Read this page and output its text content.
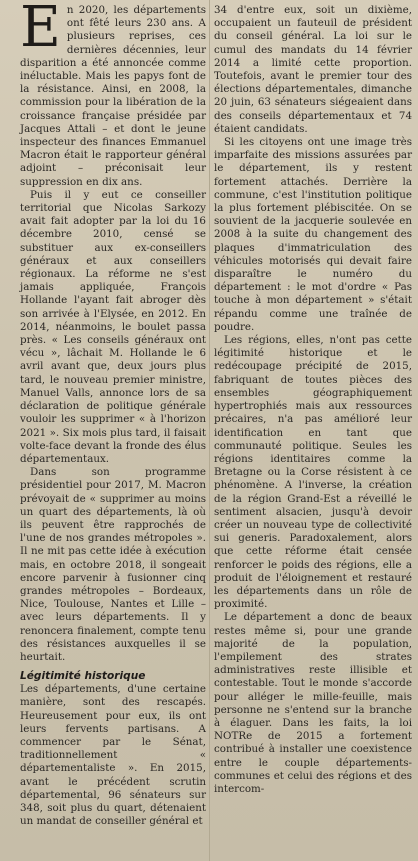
E n 2020, les départements ont fêté leurs 230 ans. A plusieurs reprises, ces dernières décennies, leur disparition a été annoncée comme inéluctable. Mais les papys font de la résistance. Ainsi, en 2008, la commission pour la libération de la croissance française présidée par Jacques Attali – et dont le jeune inspecteur des finances Emmanuel Macron était le rapporteur général adjoint – préconisait leur suppression en dix ans.

Puis il y eut ce conseiller territorial que Nicolas Sarkozy avait fait adopter par la loi du 16 décembre 2010, censé se substituer aux ex-conseillers généraux et aux conseillers régionaux. La réforme ne s'est jamais appliquée, François Hollande l'ayant fait abroger dès son arrivée à l'Elysée, en 2012. En 2014, néanmoins, le boulet passa près. « Les conseils généraux ont vécu », lâchait M. Hollande le 6 avril avant que, deux jours plus tard, le nouveau premier ministre, Manuel Valls, annonce lors de sa déclaration de politique générale vouloir les supprimer « à l'horizon 2021 ». Six mois plus tard, il faisait volte-face devant la fronde des élus départementaux.

Dans son programme présidentiel pour 2017, M. Macron prévoyait de « supprimer au moins un quart des départements, là où ils peuvent être rapprochés de l'une de nos grandes métropoles ». Il ne mit pas cette idée à exécution mais, en octobre 2018, il songeait encore parvenir à fusionner cinq grandes métropoles – Bordeaux, Nice, Toulouse, Nantes et Lille – avec leurs départements. Il y renoncera finalement, compte tenu des résistances auxquelles il se heurtait.

Légitimité historique

Les départements, d'une certaine manière, sont des rescapés. Heureusement pour eux, ils ont leurs fervents partisans. A commencer par le Sénat, traditionnellement « départementaliste ». En 2015, avant le précédent scrutin départemental, 96 sénateurs sur 348, soit plus du quart, détenaient un mandat de conseiller général et

34 d'entre eux, soit un dixième, occupaient un fauteuil de président du conseil général. La loi sur le cumul des mandats du 14 février 2014 a limité cette proportion. Toutefois, avant le premier tour des élections départementales, dimanche 20 juin, 63 sénateurs siégeaient dans des conseils départementaux et 74 étaient candidats.

Si les citoyens ont une image très imparfaite des missions assurées par le département, ils y restent fortement attachés. Derrière la commune, c'est l'institution politique la plus fortement plébiscitée. On se souvient de la jacquerie soulevée en 2008 à la suite du changement des plaques d'immatriculation des véhicules motorisés qui devait faire disparaître le numéro du département : le mot d'ordre « Pas touche à mon département » s'était répandu comme une traînée de poudre.

Les régions, elles, n'ont pas cette légitimité historique et le redécoupage précipité de 2015, fabriquant de toutes pièces des ensembles géographiquement hypertrophiés mais aux ressources précaires, n'a pas amélioré leur identification en tant que communauté politique. Seules les régions identitaires comme la Bretagne ou la Corse résistent à ce phénomène. A l'inverse, la création de la région Grand-Est a réveillé le sentiment alsacien, jusqu'à devoir créer un nouveau type de collectivité sui generis. Paradoxalement, alors que cette réforme était censée renforcer le poids des régions, elle a produit de l'éloignement et restauré les départements dans un rôle de proximité.

Le département a donc de beaux restes même si, pour une grande majorité de la population, l'empilement des strates administratives reste illisible et contestable. Tout le monde s'accorde pour alléger le mille-feuille, mais personne ne s'entend sur la branche à élaguer. Dans les faits, la loi NOTRe de 2015 a fortement contribué à installer une coexistence entre le couple départements-communes et celui des régions et des intercom-
